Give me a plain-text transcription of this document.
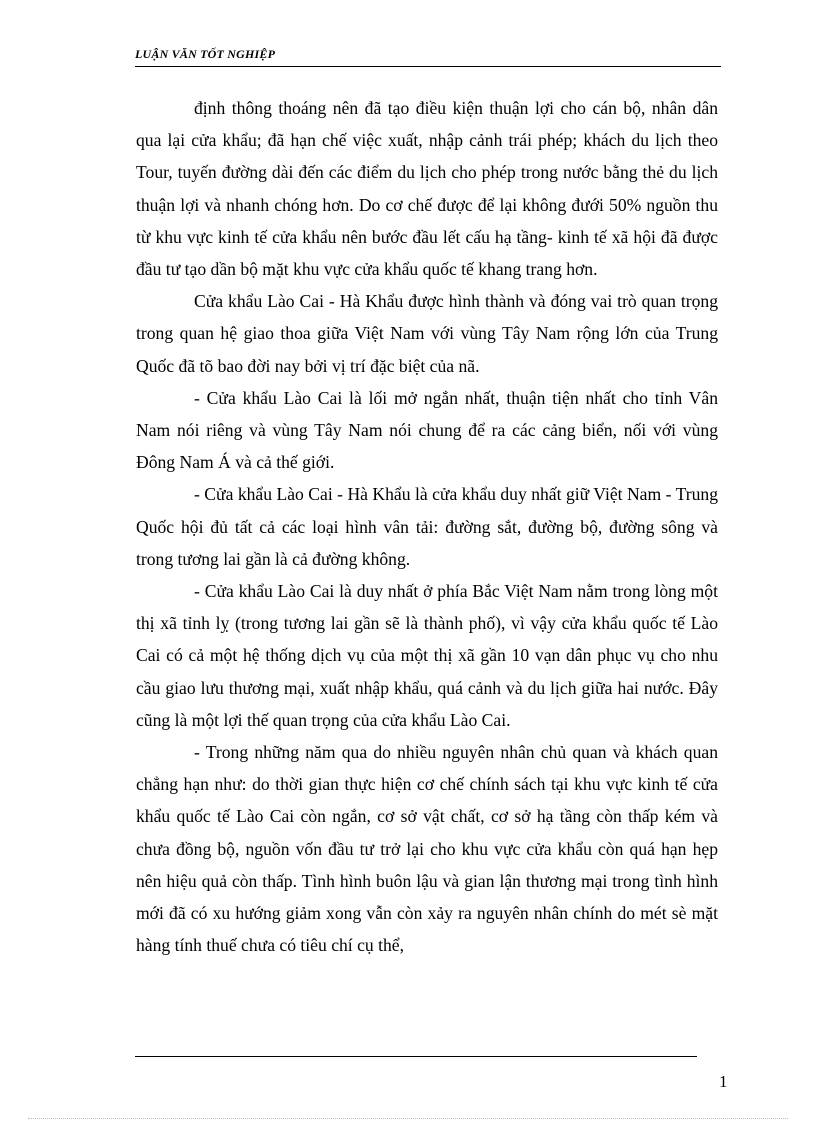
LUẬN VĂN TỐT NGHIỆP

định thông thoáng nên đã tạo điều kiện thuận lợi cho cán bộ, nhân dân qua lại cửa khẩu; đã hạn chế việc xuất, nhập cảnh trái phép; khách du lịch theo Tour, tuyến đường dài đến các điểm du lịch cho phép trong nước bằng thẻ du lịch thuận lợi và nhanh chóng hơn. Do cơ chế được để lại không đưới 50% nguồn thu từ khu vực kinh tế cửa khẩu nên bước đầu lết cấu hạ tầng- kinh tế xã hội đã được đầu tư tạo dần bộ mặt khu vực cửa khẩu quốc tế khang trang hơn.

Cửa khẩu Lào Cai - Hà Khẩu được hình thành và đóng vai trò quan trọng trong quan hệ giao thoa giữa Việt Nam với vùng Tây Nam rộng lớn của Trung Quốc đã tõ bao đời nay bởi vị trí đặc biệt của nã.

- Cửa khẩu Lào Cai là lối mở ngắn nhất, thuận tiện nhất cho tỉnh Vân Nam nói riêng và vùng Tây Nam nói chung để ra các cảng biển, nối với vùng Đông Nam Á và cả thế giới.

- Cửa khẩu Lào Cai - Hà Khẩu là cửa khẩu duy nhất giữ Việt Nam - Trung Quốc hội đủ tất cả các loại hình vân tải: đường sắt, đường bộ, đường sông và trong tương lai gần là cả đường không.

- Cửa khẩu Lào Cai là duy nhất ở phía Bắc Việt Nam nằm trong lòng một thị xã tỉnh lỵ (trong tương lai gần sẽ là thành phố), vì vậy cửa khẩu quốc tế Lào Cai có cả một hệ thống dịch vụ của một thị xã gần 10 vạn dân phục vụ cho nhu cầu giao lưu thương mại, xuất nhập khẩu, quá cảnh và du lịch giữa hai nước. Đây cũng là một lợi thế quan trọng của cửa khẩu Lào Cai.

- Trong những năm qua do nhiều nguyên nhân chủ quan và khách quan chẳng hạn như: do thời gian thực hiện cơ chế chính sách tại khu vực kinh tế cửa khẩu quốc tế Lào Cai còn ngắn, cơ sở vật chất, cơ sở hạ tầng còn thấp kém và chưa đồng bộ, nguồn vốn đầu tư trở lại cho khu vực cửa khẩu còn quá hạn hẹp nên hiệu quả còn thấp. Tình hình buôn lậu và gian lận thương mại trong tình hình mới đã có xu hướng giảm xong vẫn còn xảy ra nguyên nhân chính do mét sè mặt hàng tính thuế chưa có tiêu chí cụ thể,

1
